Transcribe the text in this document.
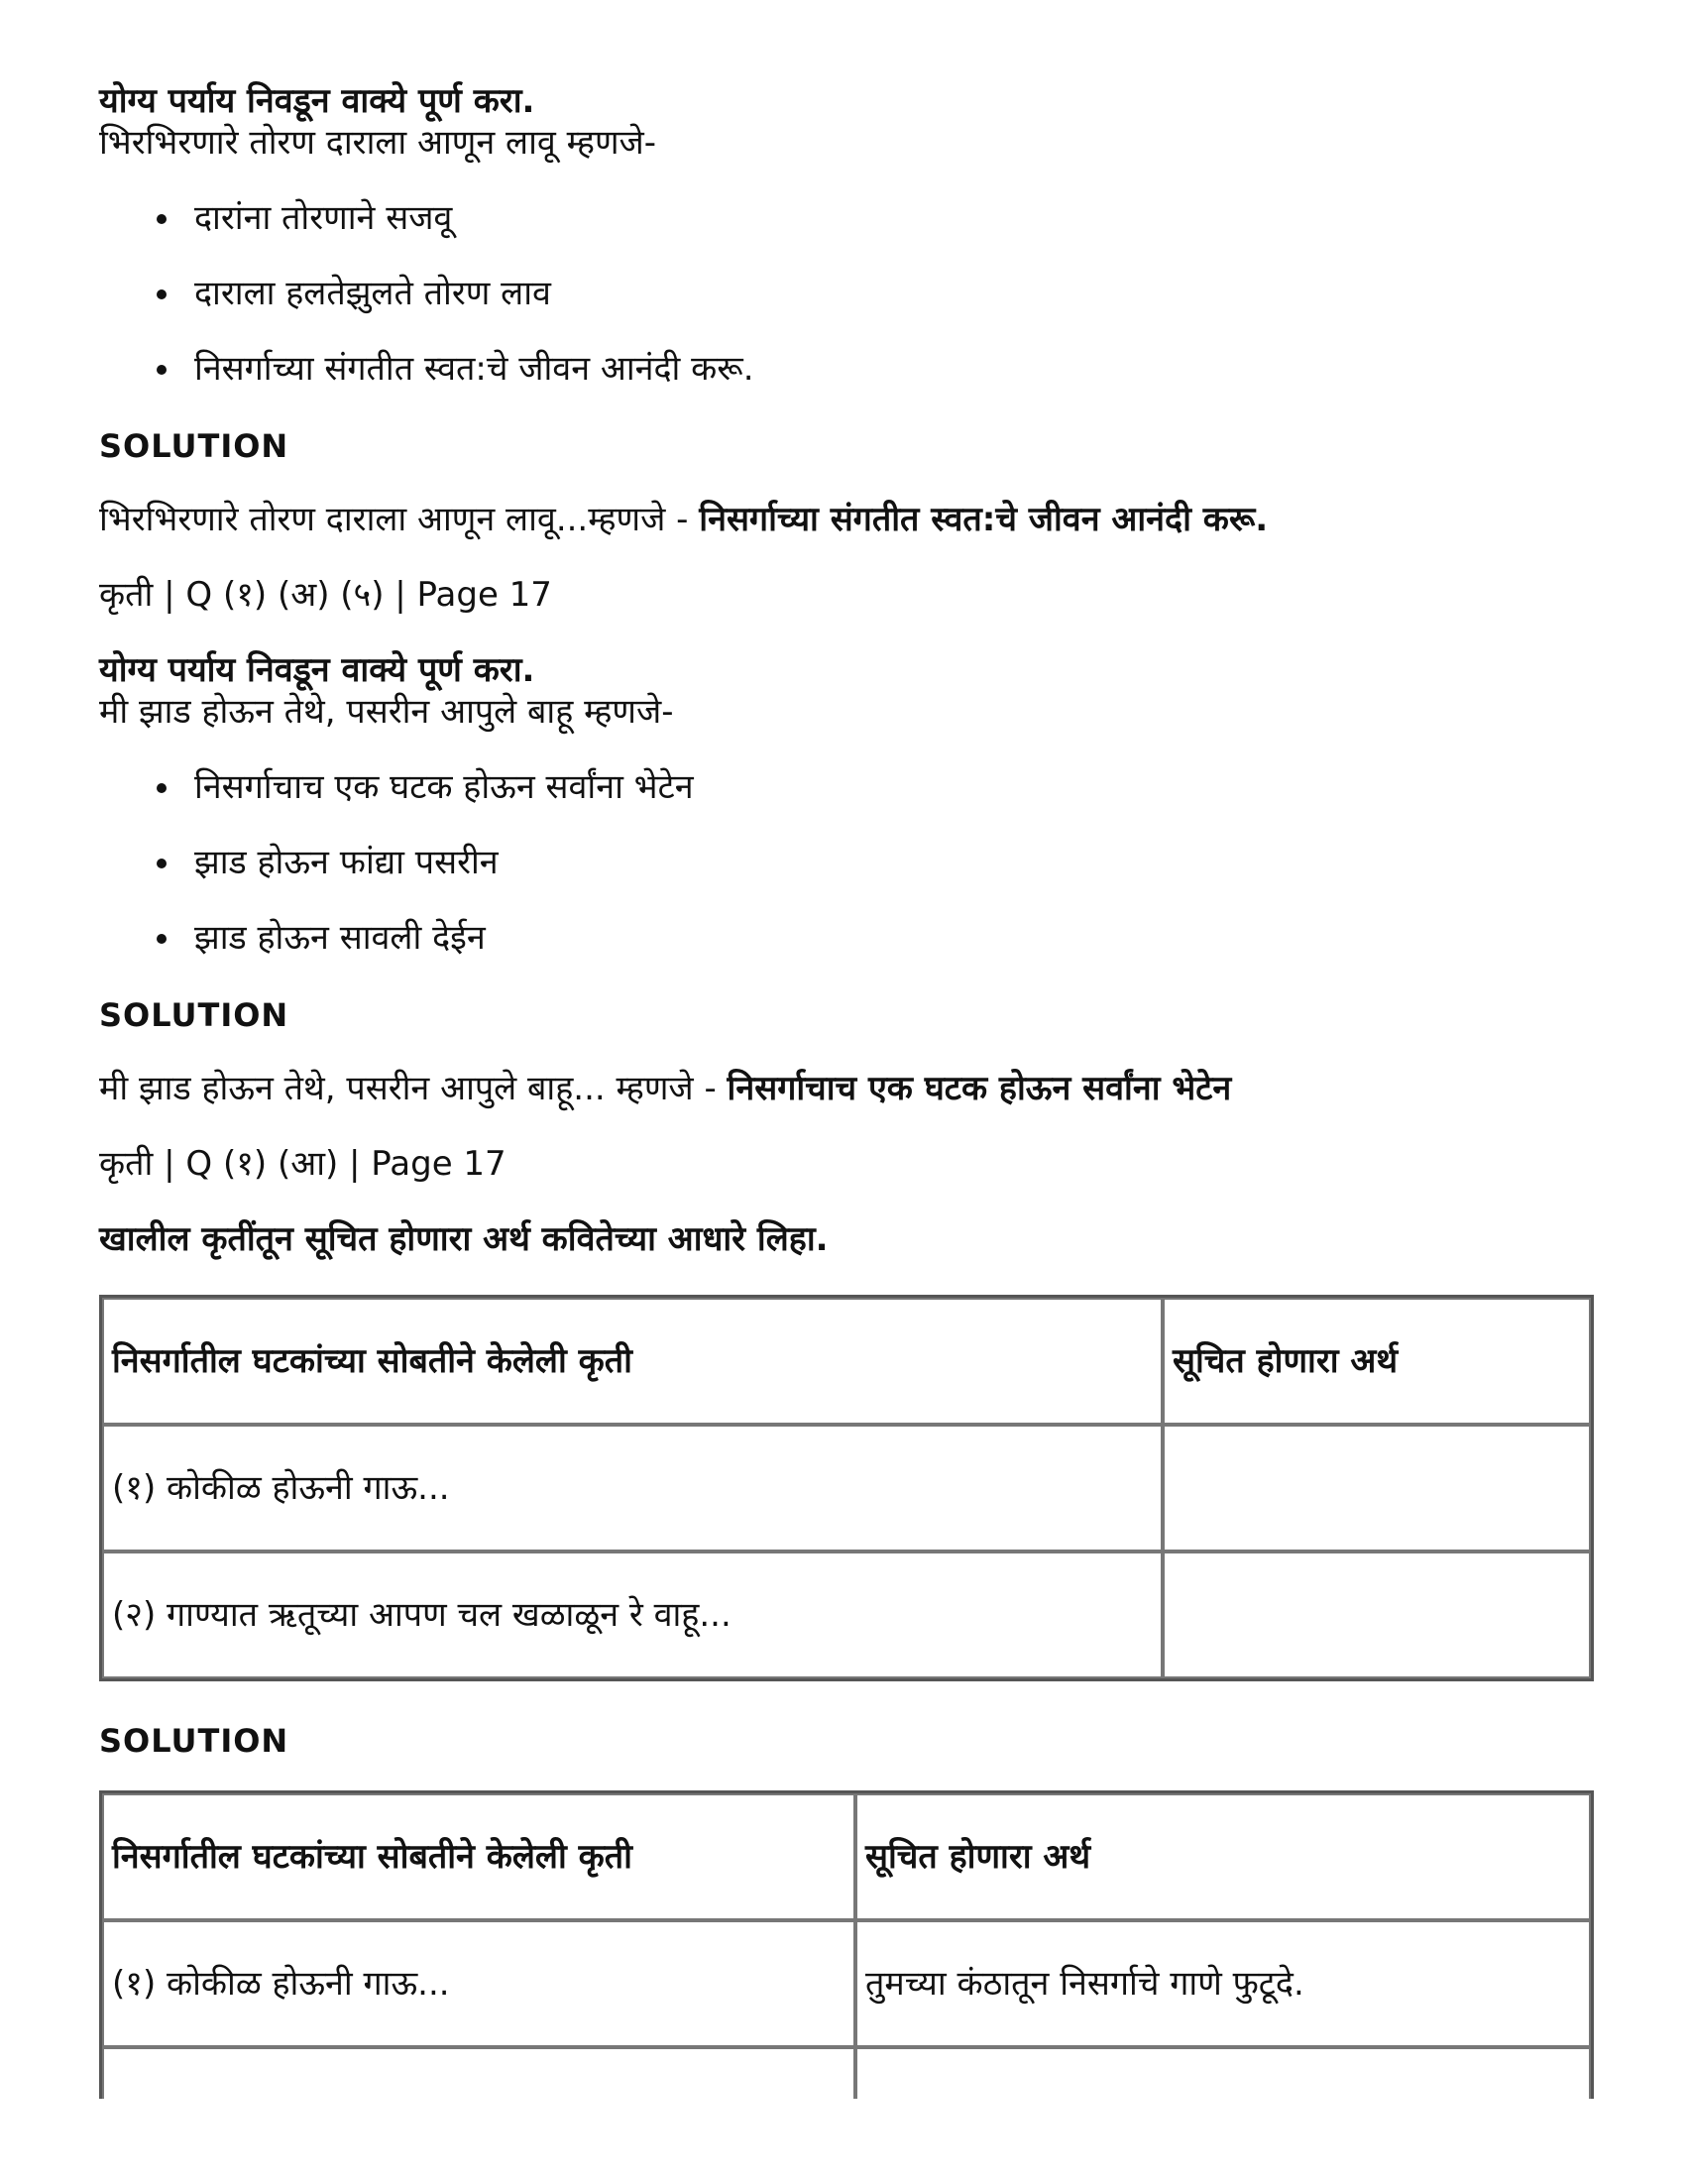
योग्य पर्याय निवडून वाक्ये पूर्ण करा.
भिरभिरणारे तोरण दाराला आणून लावू म्हणजे-
दारांना तोरणाने सजवू
दाराला हलतेझुलते तोरण लाव
निसर्गाच्या संगतीत स्वत:चे जीवन आनंदी करू.
SOLUTION
भिरभिरणारे तोरण दाराला आणून लावू...म्हणजे - निसर्गाच्या संगतीत स्वत:चे जीवन आनंदी करू.
कृती | Q (१) (अ) (५) | Page 17
योग्य पर्याय निवडून वाक्ये पूर्ण करा.
मी झाड होऊन तेथे, पसरीन आपुले बाहू म्हणजे-
निसर्गाचाच एक घटक होऊन सर्वांना भेटेन
झाड होऊन फांद्या पसरीन
झाड होऊन सावली देईन
SOLUTION
मी झाड होऊन तेथे, पसरीन आपुले बाहू... म्हणजे - निसर्गाचाच एक घटक होऊन सर्वांना भेटेन
कृती | Q (१) (आ) | Page 17
खालील कृतींतून सूचित होणारा अर्थ कवितेच्या आधारे लिहा.
निसर्गातील घटकांच्या सोबतीने केलेली कृती	सूचित होणारा अर्थ
(१) कोकीळ होऊनी गाऊ...	
(२) गाण्यात ऋतूच्या आपण चल खळाळून रे वाहू...	
SOLUTION
निसर्गातील घटकांच्या सोबतीने केलेली कृती	सूचित होणारा अर्थ
(१) कोकीळ होऊनी गाऊ...	तुमच्या कंठातून निसर्गाचे गाणे फुटूदे.
